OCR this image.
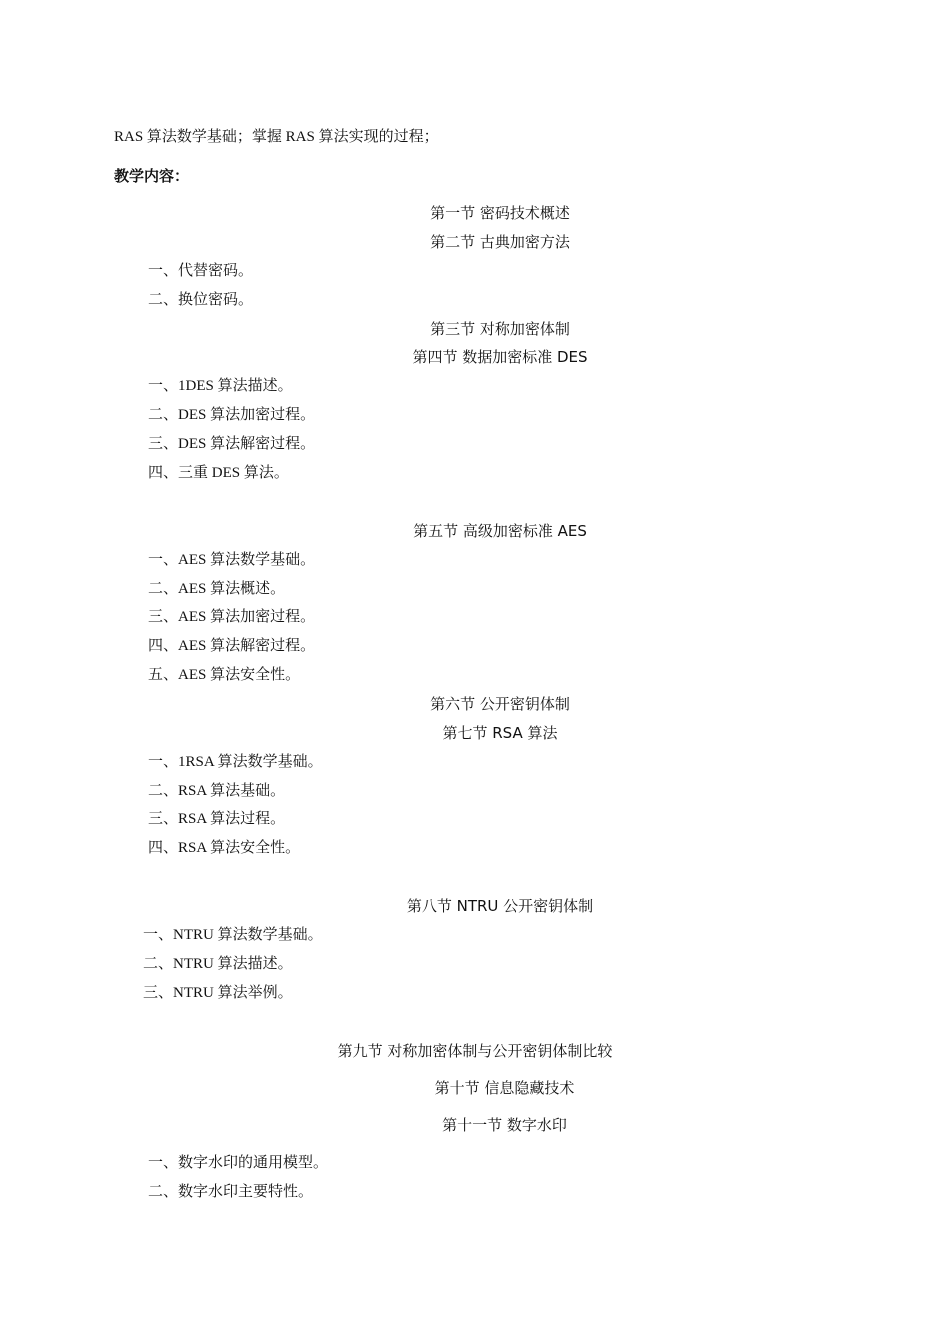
RAS 算法数学基础；掌握 RAS 算法实现的过程；
教学内容：
第一节 密码技术概述
第二节 古典加密方法
一、代替密码。
二、换位密码。
第三节 对称加密体制
第四节 数据加密标准 DES
一、1DES 算法描述。
二、DES 算法加密过程。
三、DES 算法解密过程。
四、三重 DES 算法。
第五节 高级加密标准 AES
一、AES 算法数学基础。
二、AES 算法概述。
三、AES 算法加密过程。
四、AES 算法解密过程。
五、AES 算法安全性。
第六节 公开密钥体制
第七节 RSA 算法
一、1RSA 算法数学基础。
二、RSA 算法基础。
三、RSA 算法过程。
四、RSA 算法安全性。
第八节 NTRU 公开密钥体制
一、NTRU 算法数学基础。
二、NTRU 算法描述。
三、NTRU 算法举例。
第九节 对称加密体制与公开密钥体制比较
第十节 信息隐藏技术
第十一节 数字水印
一、数字水印的通用模型。
二、数字水印主要特性。
